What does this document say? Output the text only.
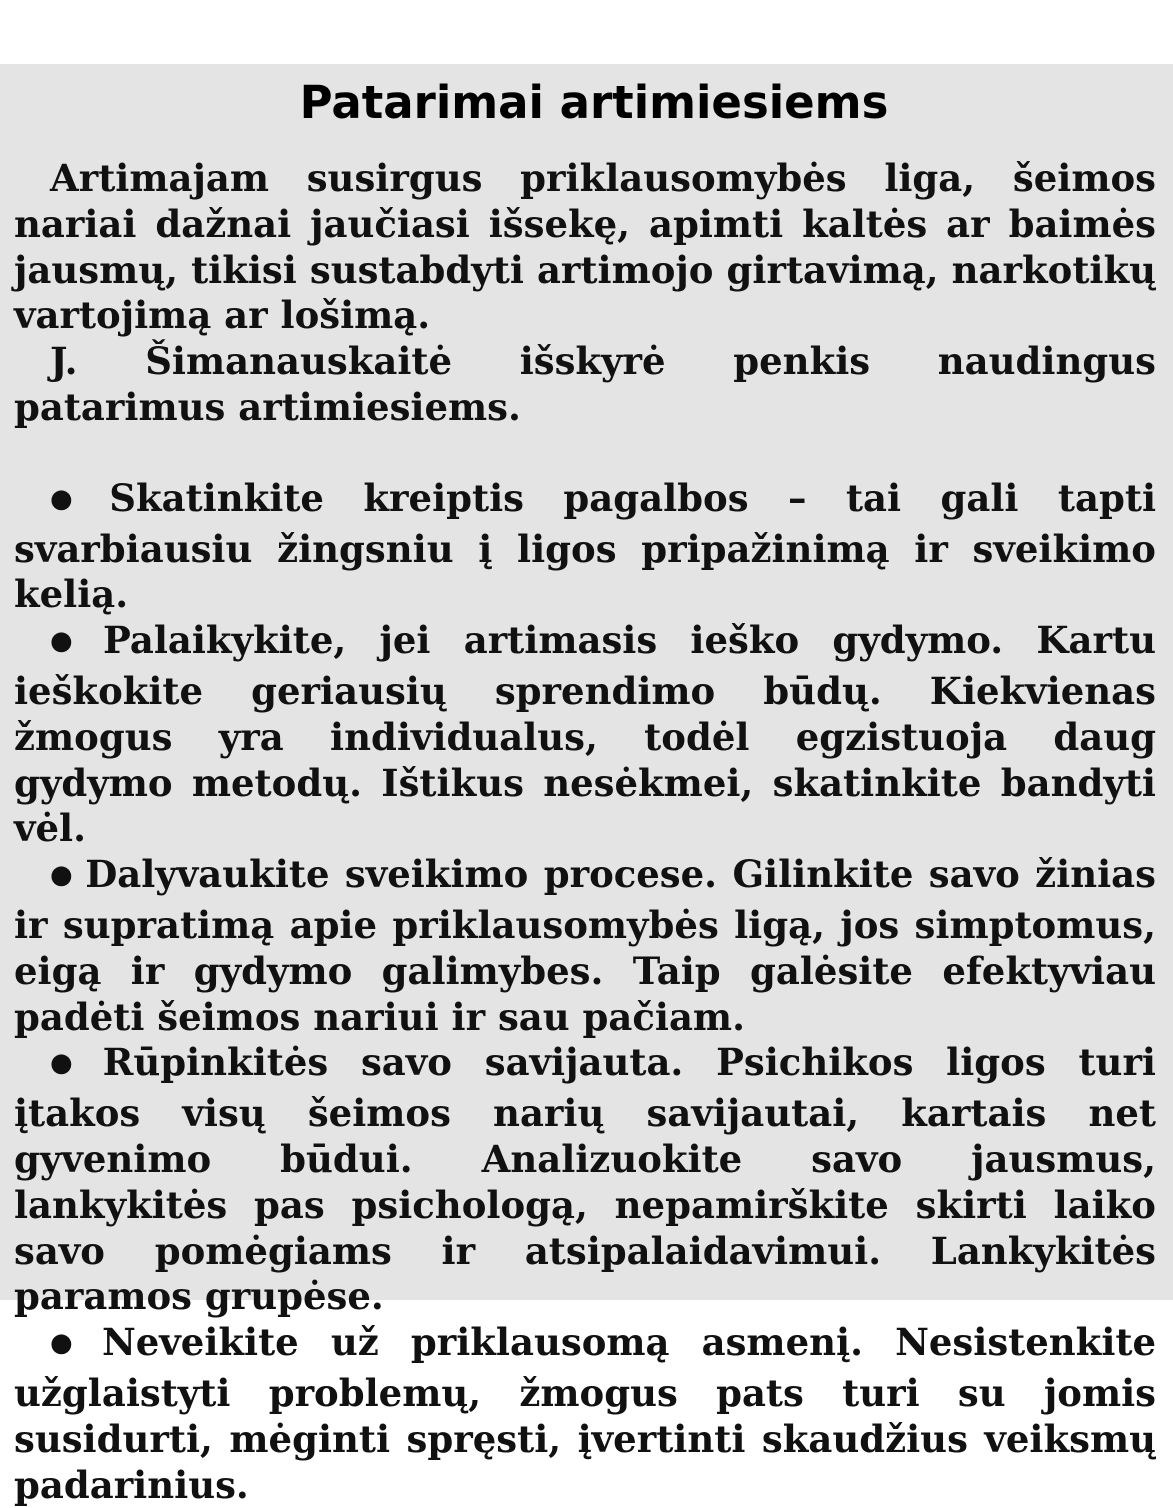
Patarimai artimiesiems

Artimajam susirgus priklausomybės liga, šeimos nariai dažnai jaučiasi išsekę, apimti kaltės ar baimės jausmų, tikisi sustabdyti artimojo girtavimą, narkotikų vartojimą ar lošimą.

J. Šimanauskaitė išskyrė penkis naudingus patarimus artimiesiems.

● Skatinkite kreiptis pagalbos – tai gali tapti svarbiausiu žingsniu į ligos pripažinimą ir sveikimo kelią.

● Palaikykite, jei artimasis ieško gydymo. Kartu ieškokite geriausių sprendimo būdų. Kiekvienas žmogus yra individualus, todėl egzistuoja daug gydymo metodų. Ištikus nesėkmei, skatinkite bandyti vėl.

● Dalyvaukite sveikimo procese. Gilinkite savo žinias ir supratimą apie priklausomybės ligą, jos simptomus, eigą ir gydymo galimybes. Taip galėsite efektyviau padėti šeimos nariui ir sau pačiam.

● Rūpinkitės savo savijauta. Psichikos ligos turi įtakos visų šeimos narių savijautai, kartais net gyvenimo būdui. Analizuokite savo jausmus, lankykitės pas psichologą, nepamirškite skirti laiko savo pomėgiams ir atsipalaidavimui. Lankykitės paramos grupėse.

● Neveikite už priklausomą asmenį. Nesistenkite užglaistyti problemų, žmogus pats turi su jomis susidurti, mėginti spręsti, įvertinti skaudžius veiksmų padarinius.
